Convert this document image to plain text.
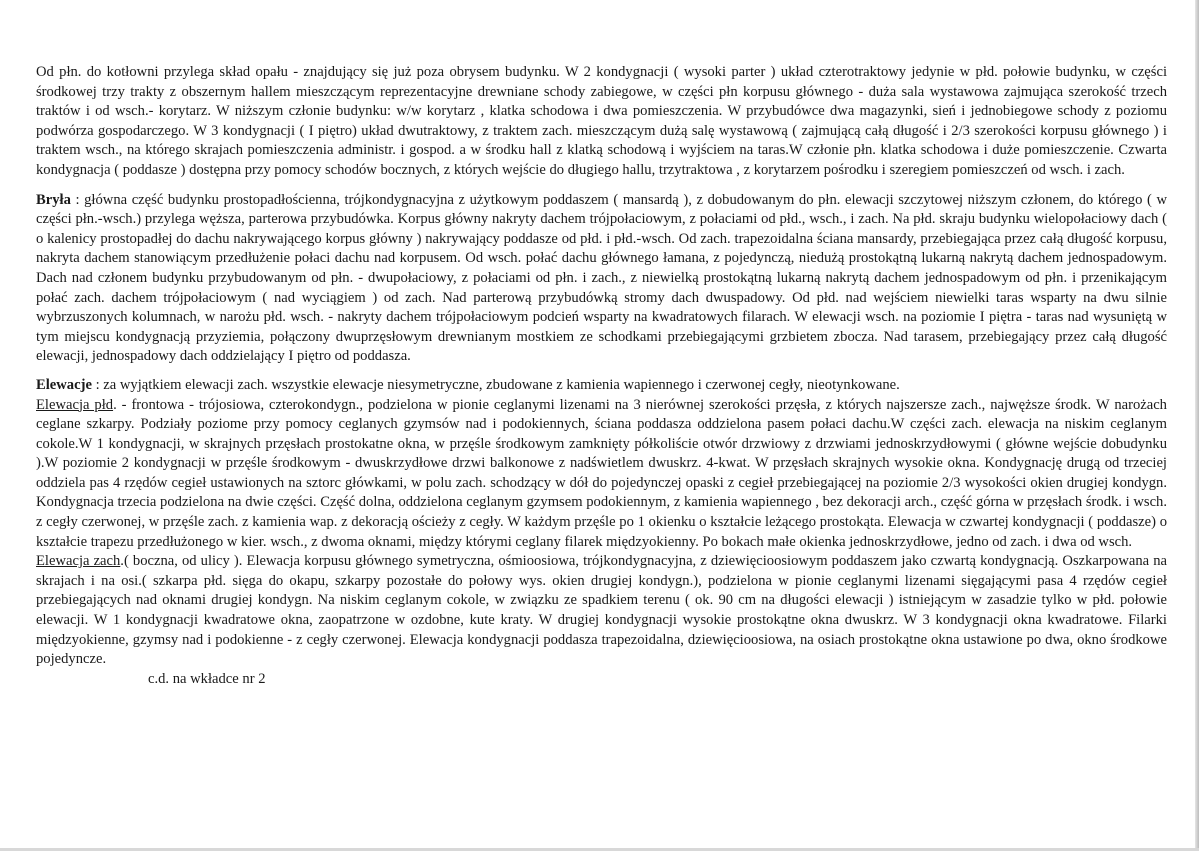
Od płn. do kotłowni przylega skład opału - znajdujący się już poza obrysem budynku. W 2 kondygnacji ( wysoki parter ) układ czterotraktowy jedynie w płd. połowie budynku, w części środkowej trzy trakty z obszernym hallem mieszczącym reprezentacyjne drewniane schody zabiegowe, w części płn korpusu głównego - duża sala wystawowa zajmująca szerokość trzech traktów i od wsch.- korytarz. W niższym członie budynku: w/w korytarz , klatka schodowa i dwa pomieszczenia. W przybudówce dwa magazynki, sień i jednobiegowe schody z poziomu podwórza gospodarczego. W 3 kondygnacji ( I piętro) układ dwutraktowy, z traktem zach. mieszczącym dużą salę wystawową ( zajmującą całą długość i 2/3 szerokości korpusu głównego ) i traktem wsch., na którego skrajach pomieszczenia administr. i gospod. a w środku hall z klatką schodową i wyjściem na taras.W członie płn. klatka schodowa i duże pomieszczenie. Czwarta kondygnacja ( poddasze ) dostępna przy pomocy schodów bocznych, z których wejście do długiego hallu, trzytraktowa , z korytarzem pośrodku i szeregiem pomieszczeń od wsch. i zach.

Bryła : główna część budynku prostopadłościenna, trójkondygnacyjna z użytkowym poddaszem ( mansardą ), z dobudowanym do płn. elewacji szczytowej niższym członem, do którego ( w części płn.-wsch.) przylega węższa, parterowa przybudówka. Korpus główny nakryty dachem trójpołaciowym, z połaciami od płd., wsch., i zach. Na płd. skraju budynku wielopołaciowy dach ( o kalenicy prostopadłej do dachu nakrywającego korpus główny ) nakrywający poddasze od płd. i płd.-wsch. Od zach. trapezoidalna ściana mansardy, przebiegająca przez całą długość korpusu, nakryta dachem stanowiącym przedłużenie połaci dachu nad korpusem. Od wsch. połać dachu głównego łamana, z pojedynczą, niedużą prostokątną lukarną nakrytą dachem jednospadowym. Dach nad członem budynku przybudowanym od płn. - dwupołaciowy, z połaciami od płn. i zach., z niewielką prostokątną lukarną nakrytą dachem jednospadowym od płn. i przenikającym połać zach. dachem trójpołaciowym ( nad wyciągiem ) od zach. Nad parterową przybudówką stromy dach dwuspadowy. Od płd. nad wejściem niewielki taras wsparty na dwu silnie wybrzuszonych kolumnach, w narożu płd. wsch. - nakryty dachem trójpołaciowym podcień wsparty na kwadratowych filarach. W elewacji wsch. na poziomie I piętra - taras nad wysuniętą w tym miejscu kondygnacją przyziemia, połączony dwuprzęsłowym drewnianym mostkiem ze schodkami przebiegającymi grzbietem zbocza. Nad tarasem, przebiegający przez całą długość elewacji, jednospadowy dach oddzielający I piętro od poddasza.

Elewacje : za wyjątkiem elewacji zach. wszystkie elewacje niesymetryczne, zbudowane z kamienia wapiennego i czerwonej cegły, nieotynkowane.

Elewacja płd. - frontowa - trójosiowa, czterokondygn., podzielona w pionie ceglanymi lizenami na 3 nierównej szerokości przęsła, z których najszersze zach., najwęższe środk. W narożach ceglane szkarpy. Podziały poziome przy pomocy ceglanych gzymsów nad i podokiennych, ściana poddasza oddzielona pasem połaci dachu.W części zach. elewacja na niskim ceglanym cokole.W 1 kondygnacji, w skrajnych przęsłach prostokatne okna, w przęśle środkowym zamknięty półkoliście otwór drzwiowy z drzwiami jednoskrzydłowymi ( główne wejście dobudynku ).W poziomie 2 kondygnacji w przęśle środkowym - dwuskrzydłowe drzwi balkonowe z nadświetlem dwuskrz. 4-kwat. W przęsłach skrajnych wysokie okna. Kondygnację drugą od trzeciej oddziela pas 4 rzędów cegieł ustawionych na sztorc główkami, w polu zach. schodzący w dół do pojedynczej opaski z cegieł przebiegającej na poziomie 2/3 wysokości okien drugiej kondygn. Kondygnacja trzecia podzielona na dwie części. Część dolna, oddzielona ceglanym gzymsem podokiennym, z kamienia wapiennego , bez dekoracji arch., część górna w przęsłach środk. i wsch. z cegły czerwonej, w przęśle zach. z kamienia wap. z dekoracją ościeży z cegły. W każdym przęśle po 1 okienku o kształcie leżącego prostokąta. Elewacja w czwartej kondygnacji ( poddasze) o kształcie trapezu przedłużonego w kier. wsch., z dwoma oknami, między którymi ceglany filarek międzyokienny. Po bokach małe okienka jednoskrzydłowe, jedno od zach. i dwa od wsch.

Elewacja zach.( boczna, od ulicy ). Elewacja korpusu głównego symetryczna, ośmioosiowa, trójkondygnacyjna, z dziewięcioosiowym poddaszem jako czwartą kondygnacją. Oszkarpowana na skrajach i na osi.( szkarpa płd. sięga do okapu, szkarpy pozostałe do połowy wys. okien drugiej kondygn.), podzielona w pionie ceglanymi lizenami sięgającymi pasa 4 rzędów cegieł przebiegających nad oknami drugiej kondygn. Na niskim ceglanym cokole, w związku ze spadkiem terenu ( ok. 90 cm na długości elewacji ) istniejącym w zasadzie tylko w płd. połowie elewacji. W 1 kondygnacji kwadratowe okna, zaopatrzone w ozdobne, kute kraty. W drugiej kondygnacji wysokie prostokątne okna dwuskrz. W 3 kondygnacji okna kwadratowe. Filarki międzyokienne, gzymsy nad i podokienne - z cegły czerwonej. Elewacja kondygnacji poddasza trapezoidalna, dziewięcioosiowa, na osiach prostokątne okna ustawione po dwa, okno środkowe pojedyncze.

c.d. na wkładce nr 2
